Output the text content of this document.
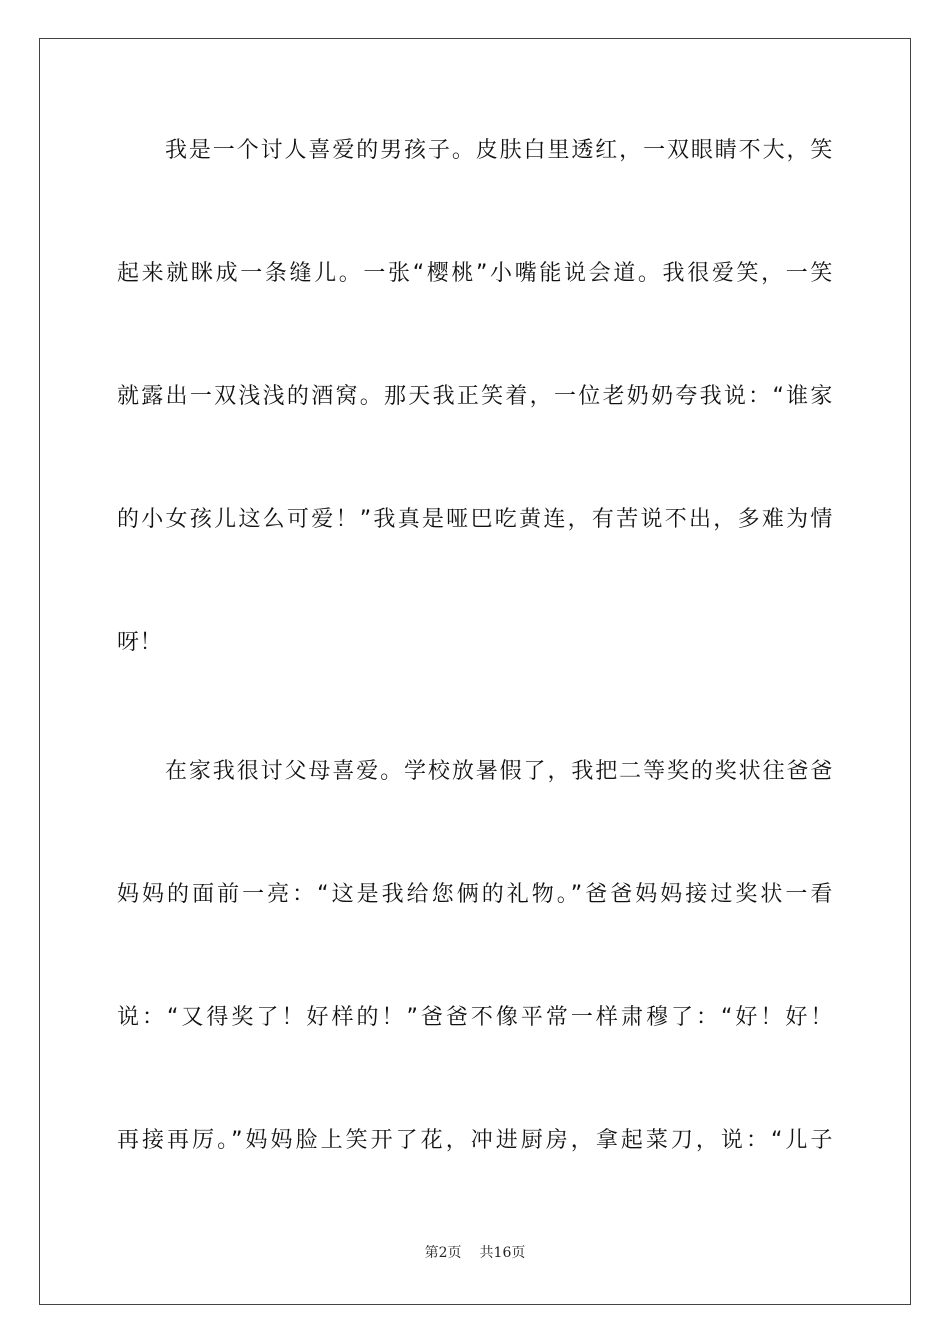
我是一个讨人喜爱的男孩子。皮肤白里透红，一双眼睛不大，笑
起来就眯成一条缝儿。一张“樱桃”小嘴能说会道。我很爱笑，一笑
就露出一双浅浅的酒窝。那天我正笑着，一位老奶奶夸我说：“谁家
的小女孩儿这么可爱！”我真是哑巴吃黄连，有苦说不出，多难为情
呀！
在家我很讨父母喜爱。学校放暑假了，我把二等奖的奖状往爸爸
妈妈的面前一亮：“这是我给您俩的礼物。”爸爸妈妈接过奖状一看
说：“又得奖了！好样的！”爸爸不像平常一样肃穆了：“好！好！
再接再厉。”妈妈脸上笑开了花，冲进厨房，拿起菜刀，说：“儿子
第2页 共16页
